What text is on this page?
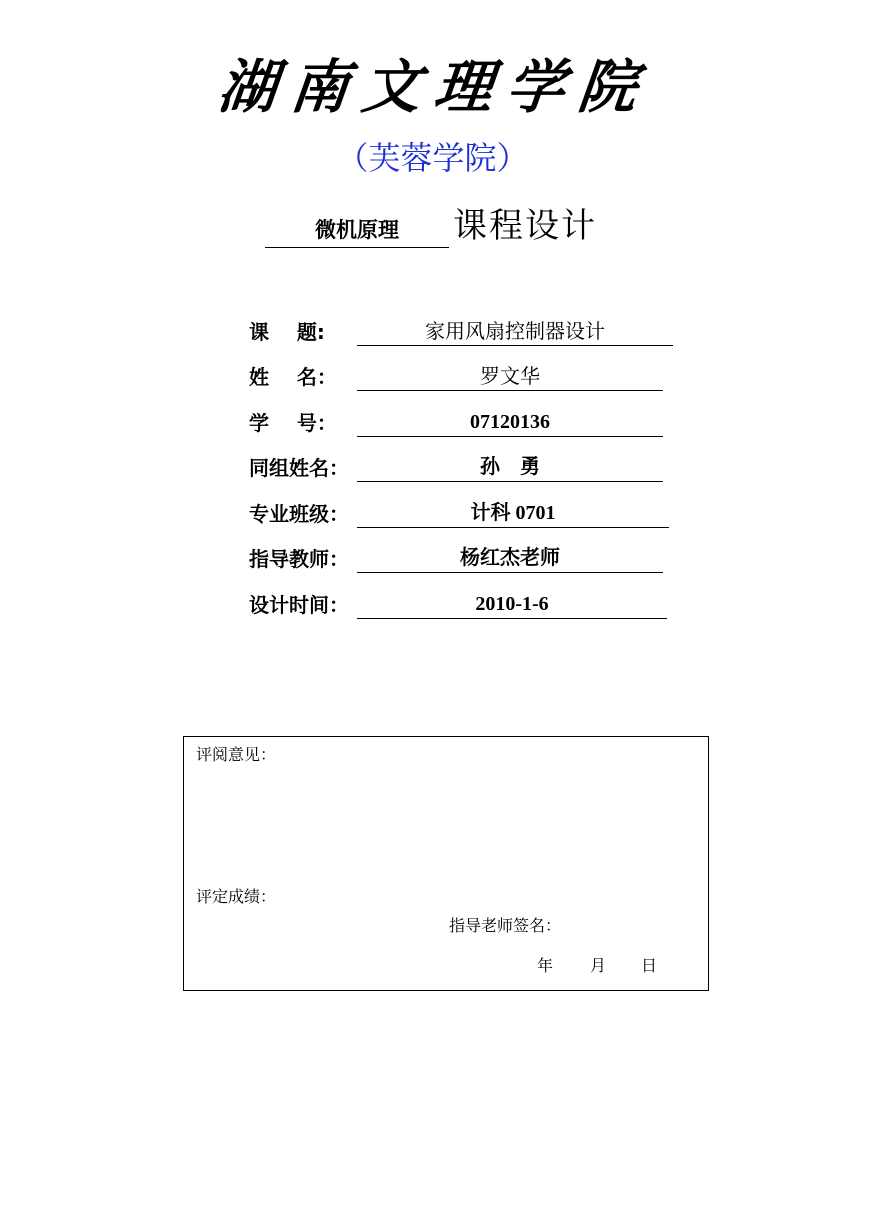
湖南文理学院
（芙蓉学院）
微机原理	课程设计
课    题:	家用风扇控制器设计
姓    名：	罗文华
学    号：	07120136
同组姓名：	孙    勇
专业班级：	计科 0701
指导教师：	杨红杰老师
设计时间：	2010-1-6
评阅意见：
评定成绩：
指导老师签名：
年 月 日
